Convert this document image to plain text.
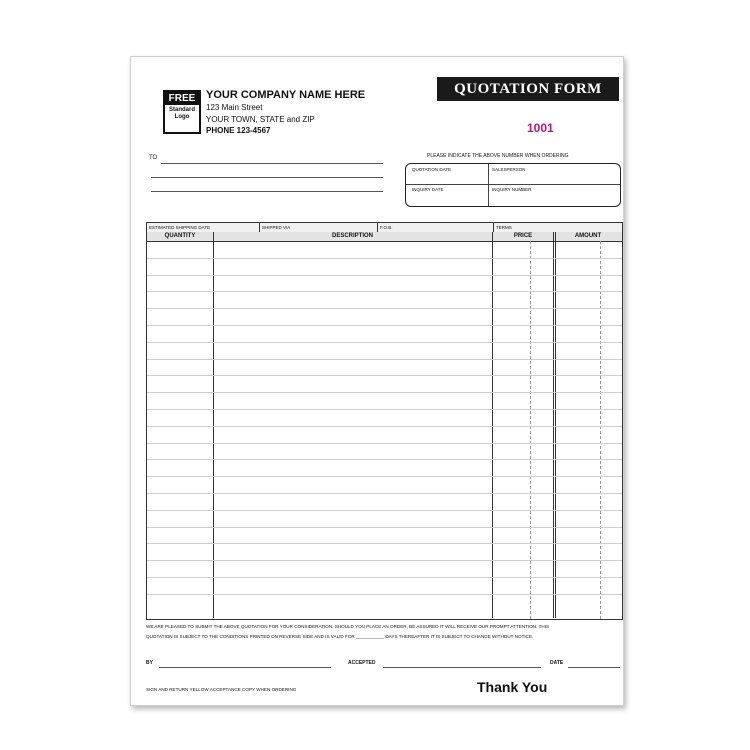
FREE
Standard
Logo
YOUR COMPANY NAME HERE
123 Main Street
YOUR TOWN, STATE and ZIP
PHONE 123-4567
QUOTATION FORM
1001
TO	PLEASE INDICATE THE ABOVE NUMBER WHEN ORDERING
QUOTATION DATE	SALESPERSON
INQUIRY DATE	INQUIRY NUMBER
ESTIMATED SHIPPING DATE	SHIPPED VIA	F.O.B.	TERMS
QUANTITY	DESCRIPTION	PRICE	AMOUNT
WE ARE PLEASED TO SUBMIT THE ABOVE QUOTATION FOR YOUR CONSIDERATION. SHOULD YOU PLACE AN ORDER, BE ASSURED IT WILL RECEIVE OUR PROMPT ATTENTION. THIS
QUOTATION IS SUBJECT TO THE CONDITIONS PRINTED ON REVERSE SIDE AND IS VALID FOR ___________ DAYS THEREAFTER IT IS SUBJECT TO CHANGE WITHOUT NOTICE.
BY	ACCEPTED	DATE
SIGN AND RETURN YELLOW ACCEPTANCE COPY WHEN ORDERING	Thank You
